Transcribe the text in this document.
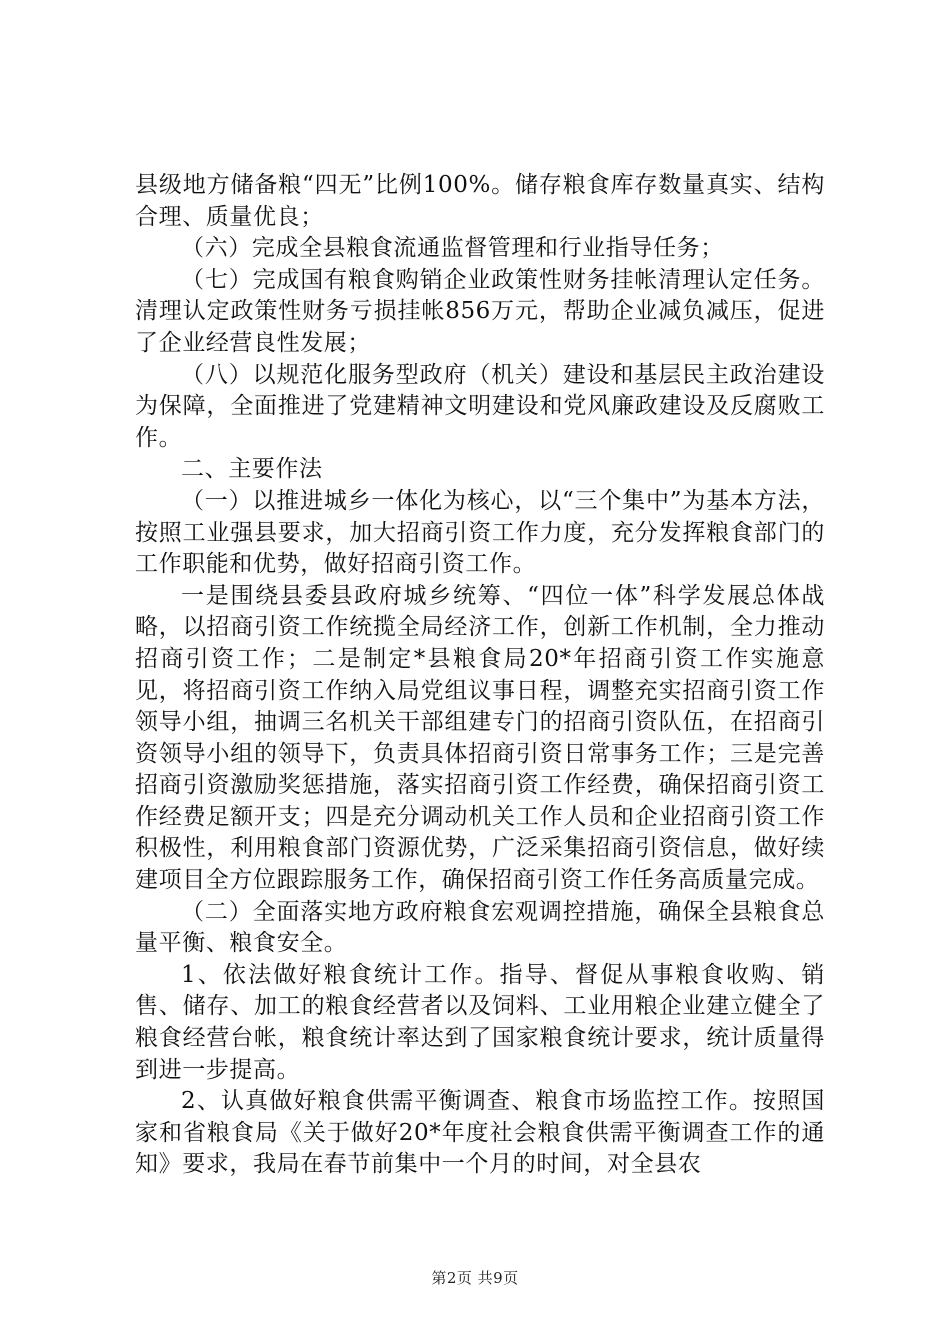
县级地方储备粮“四无”比例100%。储存粮食库存数量真实、结构合理、质量优良；

（六）完成全县粮食流通监督管理和行业指导任务；

（七）完成国有粮食购销企业政策性财务挂帐清理认定任务。清理认定政策性财务亏损挂帐856万元，帮助企业减负减压，促进了企业经营良性发展；

（八）以规范化服务型政府（机关）建设和基层民主政治建设为保障，全面推进了党建精神文明建设和党风廉政建设及反腐败工作。

二、主要作法

（一）以推进城乡一体化为核心，以“三个集中”为基本方法，按照工业强县要求，加大招商引资工作力度，充分发挥粮食部门的工作职能和优势，做好招商引资工作。

一是围绕县委县政府城乡统筹、“四位一体”科学发展总体战略，以招商引资工作统揽全局经济工作，创新工作机制，全力推动招商引资工作；二是制定*县粮食局20*年招商引资工作实施意见，将招商引资工作纳入局党组议事日程，调整充实招商引资工作领导小组，抽调三名机关干部组建专门的招商引资队伍，在招商引资领导小组的领导下，负责具体招商引资日常事务工作；三是完善招商引资激励奖惩措施，落实招商引资工作经费，确保招商引资工作经费足额开支；四是充分调动机关工作人员和企业招商引资工作积极性，利用粮食部门资源优势，广泛采集招商引资信息，做好续建项目全方位跟踪服务工作，确保招商引资工作任务高质量完成。

（二）全面落实地方政府粮食宏观调控措施，确保全县粮食总量平衡、粮食安全。

1、依法做好粮食统计工作。指导、督促从事粮食收购、销售、储存、加工的粮食经营者以及饲料、工业用粮企业建立健全了粮食经营台帐，粮食统计率达到了国家粮食统计要求，统计质量得到进一步提高。

2、认真做好粮食供需平衡调查、粮食市场监控工作。按照国家和省粮食局《关于做好20*年度社会粮食供需平衡调查工作的通知》要求，我局在春节前集中一个月的时间，对全县农

第2页 共9页
